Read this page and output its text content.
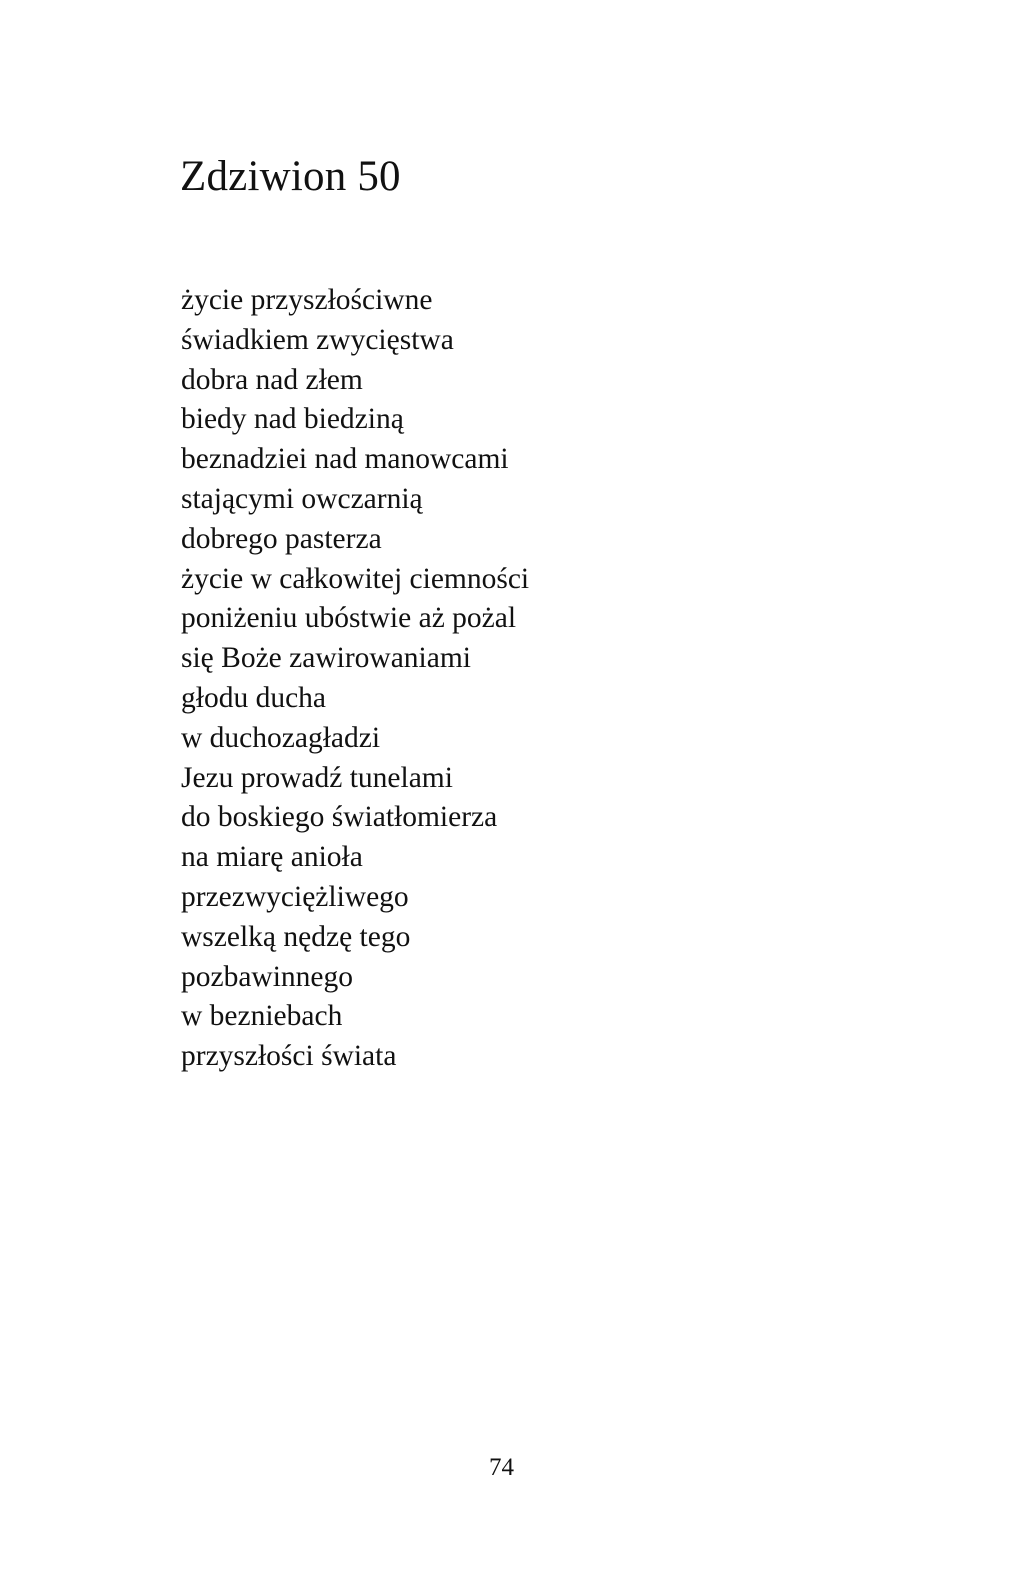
Zdziwion 50
życie przyszłościwne
świadkiem zwycięstwa
dobra nad złem
biedy nad biedziną
beznadziei nad manowcami
stającymi owczarnią
dobrego pasterza
życie w całkowitej ciemności
poniżeniu ubóstwie aż pożal
się Boże zawirowaniami
głodu ducha
w duchozagładzi
Jezu prowadź tunelami
do boskiego światłomierza
na miarę anioła
przezwyciężliwego
wszelką nędzę tego
pozbawinnego
w bezniebach
przyszłości świata
74
